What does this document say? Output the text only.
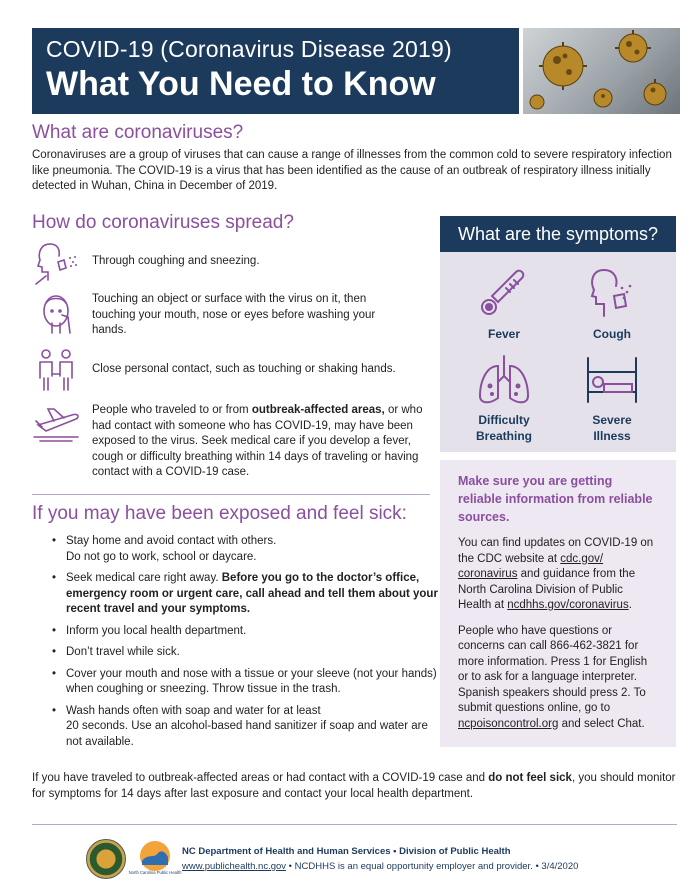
COVID-19 (Coronavirus Disease 2019)
What You Need to Know
What are coronaviruses?

Coronaviruses are a group of viruses that can cause a range of illnesses from the common cold to severe respiratory infection like pneumonia. The COVID-19 is a virus that has been identified as the cause of an outbreak of respiratory illness initially detected in Wuhan, China in December of 2019.

How do coronaviruses spread?
Through coughing and sneezing.
Touching an object or surface with the virus on it, then touching your mouth, nose or eyes before washing your hands.
Close personal contact, such as touching or shaking hands.
People who traveled to or from outbreak-affected areas, or who had contact with someone who has COVID-19, may have been exposed to the virus. Seek medical care if you develop a fever, cough or difficulty breathing within 14 days of traveling or having contact with a COVID-19 case.
If you may have been exposed and feel sick:
• Stay home and avoid contact with others.
Do not go to work, school or daycare.
• Seek medical care right away. Before you go to the doctor’s office, emergency room or urgent care, call ahead and tell them about your recent travel and your symptoms.
• Inform you local health department.
• Don’t travel while sick.
• Cover your mouth and nose with a tissue or your sleeve (not your hands) when coughing or sneezing. Throw tissue in the trash.
• Wash hands often with soap and water for at least
20 seconds. Use an alcohol-based hand sanitizer if soap and water are not available.
What are the symptoms?
Fever	Cough
Difficulty
Breathing
Severe
Illness
Make sure you are getting reliable information from reliable sources.

You can find updates on COVID-19 on the CDC website at cdc.gov/ coronavirus and guidance from the North Carolina Division of Public Health at ncdhhs.gov/coronavirus.

People who have questions or concerns can call 866-462-3821 for more information. Press 1 for English or to ask for a language interpreter. Spanish speakers should press 2. To submit questions online, go to ncpoisoncontrol.org and select Chat.

If you have traveled to outbreak-affected areas or had contact with a COVID-19 case and do not feel sick, you should monitor for symptoms for 14 days after last exposure and contact your local health department.
North Carolina Public Health
NC Department of Health and Human Services • Division of Public Health
www.publichealth.nc.gov • NCDHHS is an equal opportunity employer and provider. • 3/4/2020
